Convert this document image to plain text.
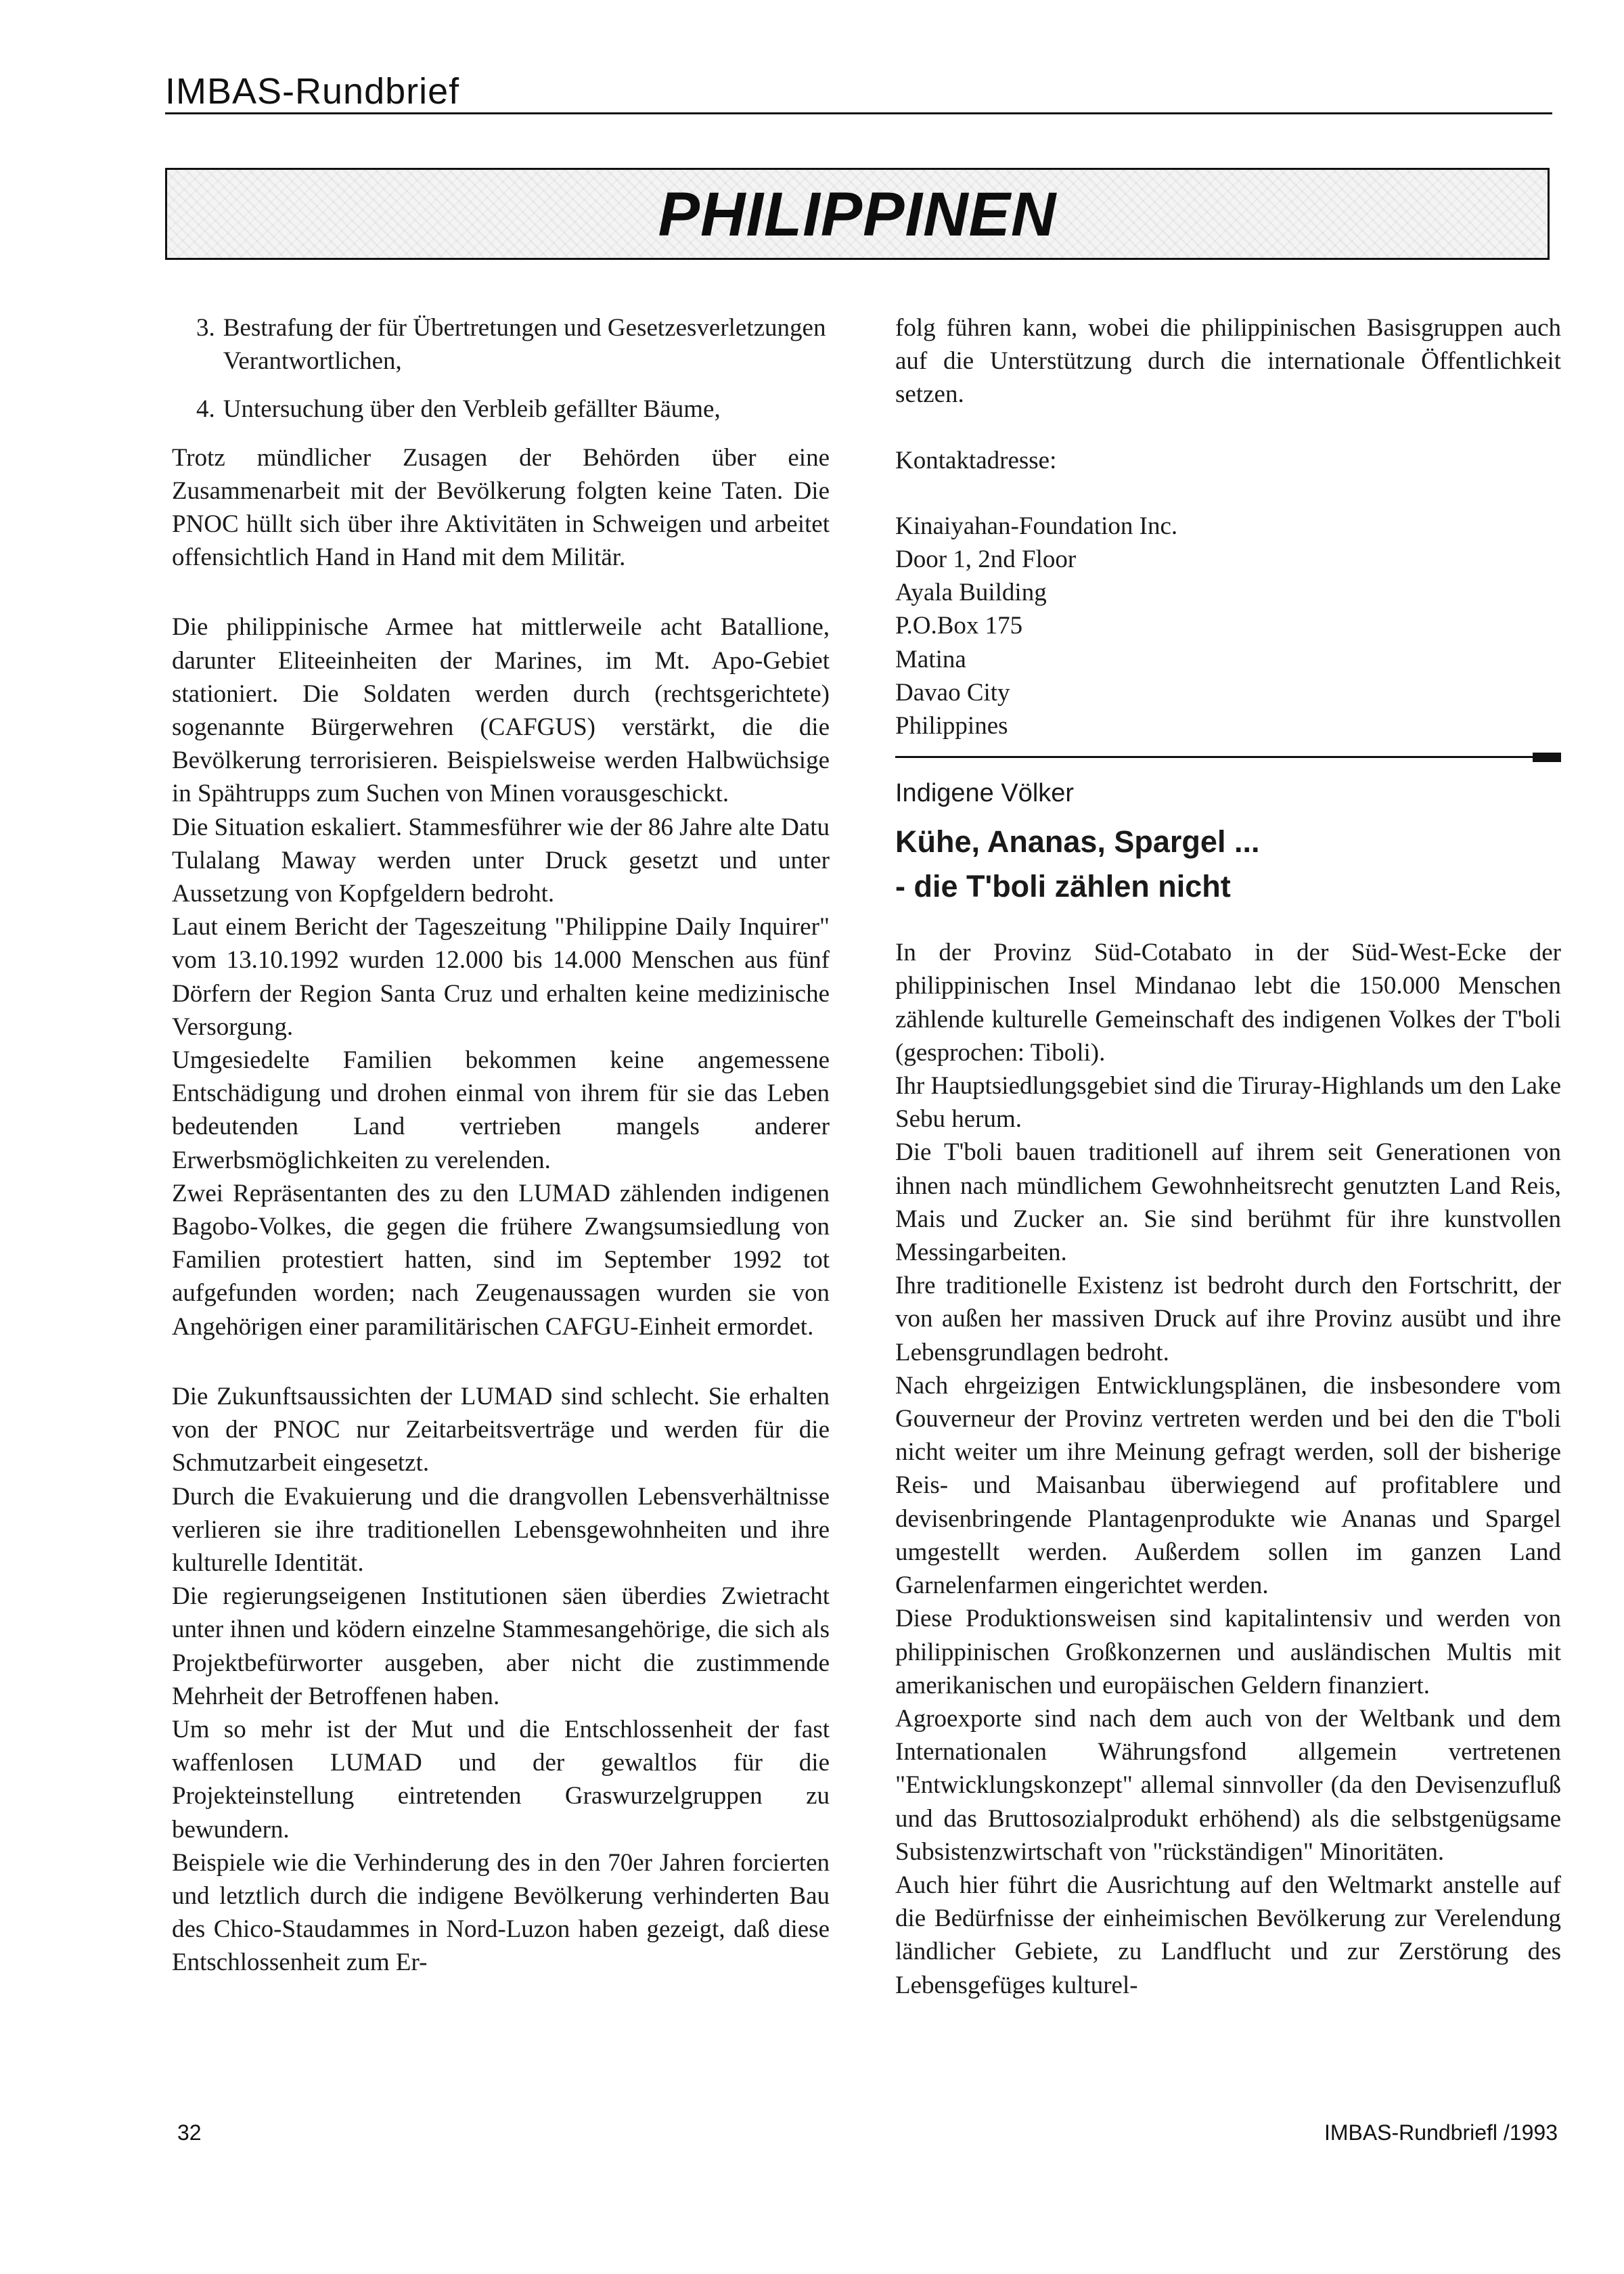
IMBAS-Rundbrief
PHILIPPINEN
3. Bestrafung der für Übertretungen und Gesetzesverletzungen Verantwortlichen,
4. Untersuchung über den Verbleib gefällter Bäume,

Trotz mündlicher Zusagen der Behörden über eine Zusammenarbeit mit der Bevölkerung folgten keine Taten. Die PNOC hüllt sich über ihre Aktivitäten in Schweigen und arbeitet offensichtlich Hand in Hand mit dem Militär.

Die philippinische Armee hat mittlerweile acht Batallione, darunter Eliteeinheiten der Marines, im Mt. Apo-Gebiet stationiert. Die Soldaten werden durch (rechtsgerichtete) sogenannte Bürgerwehren (CAFGUS) verstärkt, die die Bevölkerung terrorisieren. Beispielsweise werden Halbwüchsige in Spähtrupps zum Suchen von Minen vorausgeschickt.

Die Situation eskaliert. Stammesführer wie der 86 Jahre alte Datu Tulalang Maway werden unter Druck gesetzt und unter Aussetzung von Kopfgeldern bedroht.

Laut einem Bericht der Tageszeitung "Philippine Daily Inquirer" vom 13.10.1992 wurden 12.000 bis 14.000 Menschen aus fünf Dörfern der Region Santa Cruz und erhalten keine medizinische Versorgung.

Umgesiedelte Familien bekommen keine angemessene Entschädigung und drohen einmal von ihrem für sie das Leben bedeutenden Land vertrieben mangels anderer Erwerbsmöglichkeiten zu verelenden.

Zwei Repräsentanten des zu den LUMAD zählenden indigenen Bagobo-Volkes, die gegen die frühere Zwangsumsiedlung von Familien protestiert hatten, sind im September 1992 tot aufgefunden worden; nach Zeugenaussagen wurden sie von Angehörigen einer paramilitärischen CAFGU-Einheit ermordet.

Die Zukunftsaussichten der LUMAD sind schlecht. Sie erhalten von der PNOC nur Zeitarbeitsverträge und werden für die Schmutzarbeit eingesetzt.

Durch die Evakuierung und die drangvollen Lebensverhältnisse verlieren sie ihre traditionellen Lebensgewohnheiten und ihre kulturelle Identität.

Die regierungseigenen Institutionen säen überdies Zwietracht unter ihnen und ködern einzelne Stammesangehörige, die sich als Projektbefürworter ausgeben, aber nicht die zustimmende Mehrheit der Betroffenen haben.

Um so mehr ist der Mut und die Entschlossenheit der fast waffenlosen LUMAD und der gewaltlos für die Projekteinstellung eintretenden Graswurzelgruppen zu bewundern.

Beispiele wie die Verhinderung des in den 70er Jahren forcierten und letztlich durch die indigene Bevölkerung verhinderten Bau des Chico-Staudammes in Nord-Luzon haben gezeigt, daß diese Entschlossenheit zum Er-

folg führen kann, wobei die philippinischen Basisgruppen auch auf die Unterstützung durch die internationale Öffentlichkeit setzen.

Kontaktadresse:

Kinaiyahan-Foundation Inc.

Door 1, 2nd Floor

Ayala Building

P.O.Box 175

Matina

Davao City

Philippines

Indigene Völker

Kühe, Ananas, Spargel ...

- die T'boli zählen nicht

In der Provinz Süd-Cotabato in der Süd-West-Ecke der philippinischen Insel Mindanao lebt die 150.000 Menschen zählende kulturelle Gemeinschaft des indigenen Volkes der T'boli (gesprochen: Tiboli).

Ihr Hauptsiedlungsgebiet sind die Tiruray-Highlands um den Lake Sebu herum.

Die T'boli bauen traditionell auf ihrem seit Generationen von ihnen nach mündlichem Gewohnheitsrecht genutzten Land Reis, Mais und Zucker an. Sie sind berühmt für ihre kunstvollen Messingarbeiten.

Ihre traditionelle Existenz ist bedroht durch den Fortschritt, der von außen her massiven Druck auf ihre Provinz ausübt und ihre Lebensgrundlagen bedroht.

Nach ehrgeizigen Entwicklungsplänen, die insbesondere vom Gouverneur der Provinz vertreten werden und bei den die T'boli nicht weiter um ihre Meinung gefragt werden, soll der bisherige Reis- und Maisanbau überwiegend auf profitablere und devisenbringende Plantagenprodukte wie Ananas und Spargel umgestellt werden. Außerdem sollen im ganzen Land Garnelenfarmen eingerichtet werden.

Diese Produktionsweisen sind kapitalintensiv und werden von philippinischen Großkonzernen und ausländischen Multis mit amerikanischen und europäischen Geldern finanziert.

Agroexporte sind nach dem auch von der Weltbank und dem Internationalen Währungsfond allgemein vertretenen "Entwicklungskonzept" allemal sinnvoller (da den Devisenzufluß und das Bruttosozialprodukt erhöhend) als die selbstgenügsame Subsistenzwirtschaft von "rückständigen" Minoritäten.

Auch hier führt die Ausrichtung auf den Weltmarkt anstelle auf die Bedürfnisse der einheimischen Bevölkerung zur Verelendung ländlicher Gebiete, zu Landflucht und zur Zerstörung des Lebensgefüges kulturel-

32	IMBAS-Rundbriefl /1993
